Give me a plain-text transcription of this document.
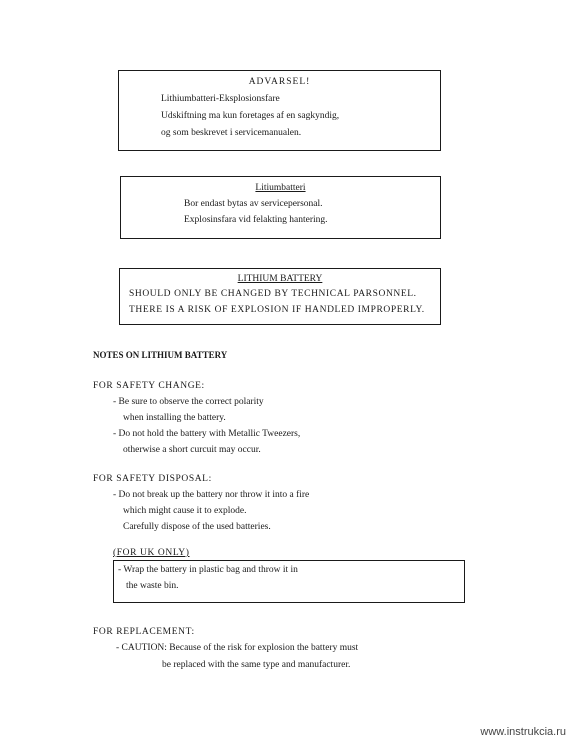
ADVARSEL!
Lithiumbatteri-Eksplosionsfare
Udskiftning ma kun foretages af en sagkyndig,
og som beskrevet i servicemanualen.
Litiumbatteri
Bor endast bytas av servicepersonal.
Explosinsfara vid felakting hantering.
LITHIUM BATTERY
SHOULD ONLY BE CHANGED BY TECHNICAL PARSONNEL.
THERE IS A RISK OF EXPLOSION IF HANDLED IMPROPERLY.
NOTES ON LITHIUM BATTERY
FOR SAFETY CHANGE:
- Be sure to observe the correct polarity
when installing the battery.
- Do not hold the battery with Metallic Tweezers,
otherwise a short curcuit may occur.
FOR SAFETY DISPOSAL:
- Do not break up the battery nor throw it into a fire
which might cause it to explode.
Carefully dispose of the used batteries.
(FOR UK ONLY)
- Wrap the battery in plastic bag and throw it in
the waste bin.
FOR REPLACEMENT:
- CAUTION: Because of the risk for explosion the battery must
be replaced with the same type and manufacturer.
www.instrukcia.ru
